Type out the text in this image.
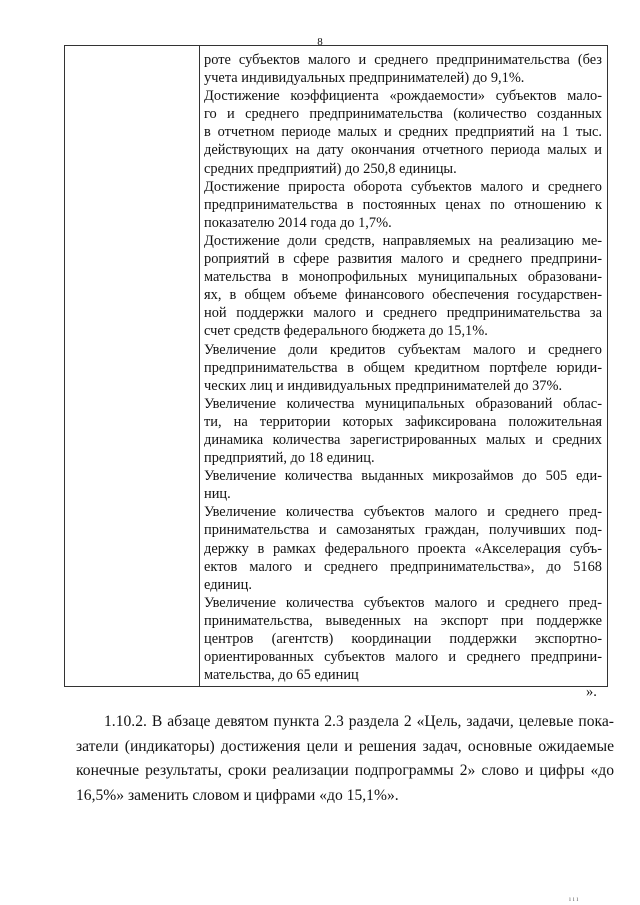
8
роте субъектов малого и среднего предпринимательства (без
учета индивидуальных предпринимателей) до 9,1%.
Достижение коэффициента «рождаемости» субъектов мало-
го и среднего предпринимательства (количество созданных
в отчетном периоде малых и средних предприятий на 1 тыс.
действующих на дату окончания отчетного периода малых и
средних предприятий) до 250,8 единицы.
Достижение прироста оборота субъектов малого и среднего
предпринимательства в постоянных ценах по отношению к
показателю 2014 года до 1,7%.
Достижение доли средств, направляемых на реализацию ме-
роприятий в сфере развития малого и среднего предприни-
мательства в монопрофильных муниципальных образовани-
ях, в общем объеме финансового обеспечения государствен-
ной поддержки малого и среднего предпринимательства за
счет средств федерального бюджета до 15,1%.
Увеличение доли кредитов субъектам малого и среднего
предпринимательства в общем кредитном портфеле юриди-
ческих лиц и индивидуальных предпринимателей до 37%.
Увеличение количества муниципальных образований облас-
ти, на территории которых зафиксирована положительная
динамика количества зарегистрированных малых и средних
предприятий, до 18 единиц.
Увеличение количества выданных микрозаймов до 505 еди-
ниц.
Увеличение количества субъектов малого и среднего пред-
принимательства и самозанятых граждан, получивших под-
держку в рамках федерального проекта «Акселерация субъ-
ектов малого и среднего предпринимательства», до 5168
единиц.
Увеличение количества субъектов малого и среднего пред-
принимательства, выведенных на экспорт при поддержке
центров (агентств) координации поддержки экспортно-
ориентированных субъектов малого и среднего предприни-
мательства, до 65 единиц
».
1.10.2. В абзаце девятом пункта 2.3 раздела 2 «Цель, задачи, целевые пока-
затели (индикаторы) достижения цели и решения задач, основные ожидаемые
конечные результаты, сроки реализации подпрограммы 2» слово и цифры «до
16,5%» заменить словом и цифрами «до 15,1%».
ı ı ı
